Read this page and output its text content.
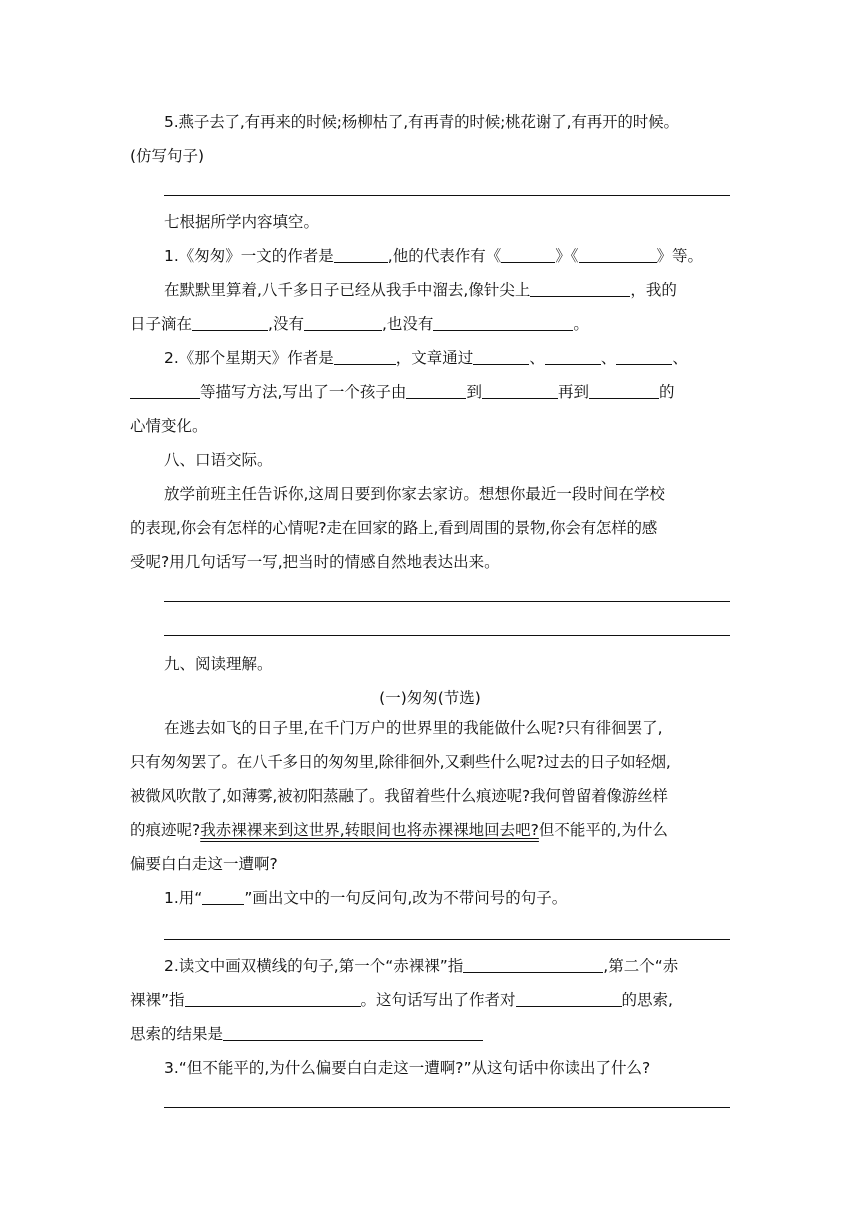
5.燕子去了,有再来的时候;杨柳枯了,有再青的时候;桃花谢了,有再开的时候。
(仿写句子)
七根据所学内容填空。
1.《匆匆》一文的作者是	,他的代表作有《	》《	》等。
在默默里算着,八千多日子已经从我手中溜去,像针尖上	，我的
日子滴在	,没有	,也没有	。
2.《那个星期天》作者是	，文章通过	、	、	、
等描写方法,写出了一个孩子由	到	再到	的
心情变化。
八、口语交际。
放学前班主任告诉你,这周日要到你家去家访。想想你最近一段时间在学校
的表现,你会有怎样的心情呢?走在回家的路上,看到周围的景物,你会有怎样的感
受呢?用几句话写一写,把当时的情感自然地表达出来。
九、阅读理解。
(一)匆匆(节选)
在逃去如飞的日子里,在千门万户的世界里的我能做什么呢?只有徘徊罢了,
只有匆匆罢了。在八千多日的匆匆里,除徘徊外,又剩些什么呢?过去的日子如轻烟,
被微风吹散了,如薄雾,被初阳蒸融了。我留着些什么痕迹呢?我何曾留着像游丝样
的痕迹呢?我赤裸裸来到这世界,转眼间也将赤裸裸地回去吧?但不能平的,为什么
偏要白白走这一遭啊?
1.用“	”画出文中的一句反问句,改为不带问号的句子。
2.读文中画双横线的句子,第一个“赤裸裸”指	,第二个“赤
裸裸”指	。这句话写出了作者对	的思索,
思索的结果是
3.“但不能平的,为什么偏要白白走这一遭啊?”从这句话中你读出了什么?
